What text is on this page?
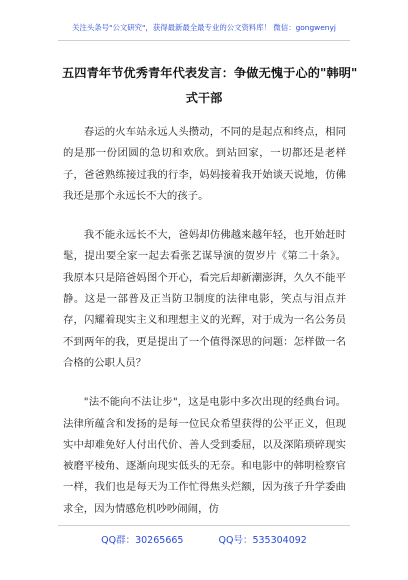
关注头条号"公文研究"，获得最新最全最专业的公文资料库！ 微信：gongwenyj
五四青年节优秀青年代表发言：争做无愧于心的"韩明"
式干部

春运的火车站永远人头攒动，不同的是起点和终点，相同的是那一份团圆的急切和欢欣。到站回家，一切都还是老样子，爸爸熟练接过我的行李，妈妈接着我开始谈天说地，仿佛我还是那个永远长不大的孩子。

我不能永远长不大，爸妈却仿佛越来越年轻，也开始赶时髦，提出要全家一起去看张艺谋导演的贺岁片《第二十条》。我原本只是陪爸妈图个开心，看完后却新潮澎湃，久久不能平静。这是一部普及正当防卫制度的法律电影，笑点与泪点并存，闪耀着现实主义和理想主义的光辉，对于成为一名公务员不到两年的我，更是提出了一个值得深思的问题：怎样做一名合格的公职人员？

"法不能向不法让步"，这是电影中多次出现的经典台词。法律所蕴含和发扬的是每一位民众希望获得的公平正义，但现实中却难免好人付出代价、善人受到委屈，以及深陷琐碎现实被磨平棱角、逐渐向现实低头的无奈。和电影中的韩明检察官一样，我们也是每天为工作忙得焦头烂额，因为孩子升学委曲求全，因为情感危机吵吵闹闹，仿

QQ群：30265665	QQ号：535304092
